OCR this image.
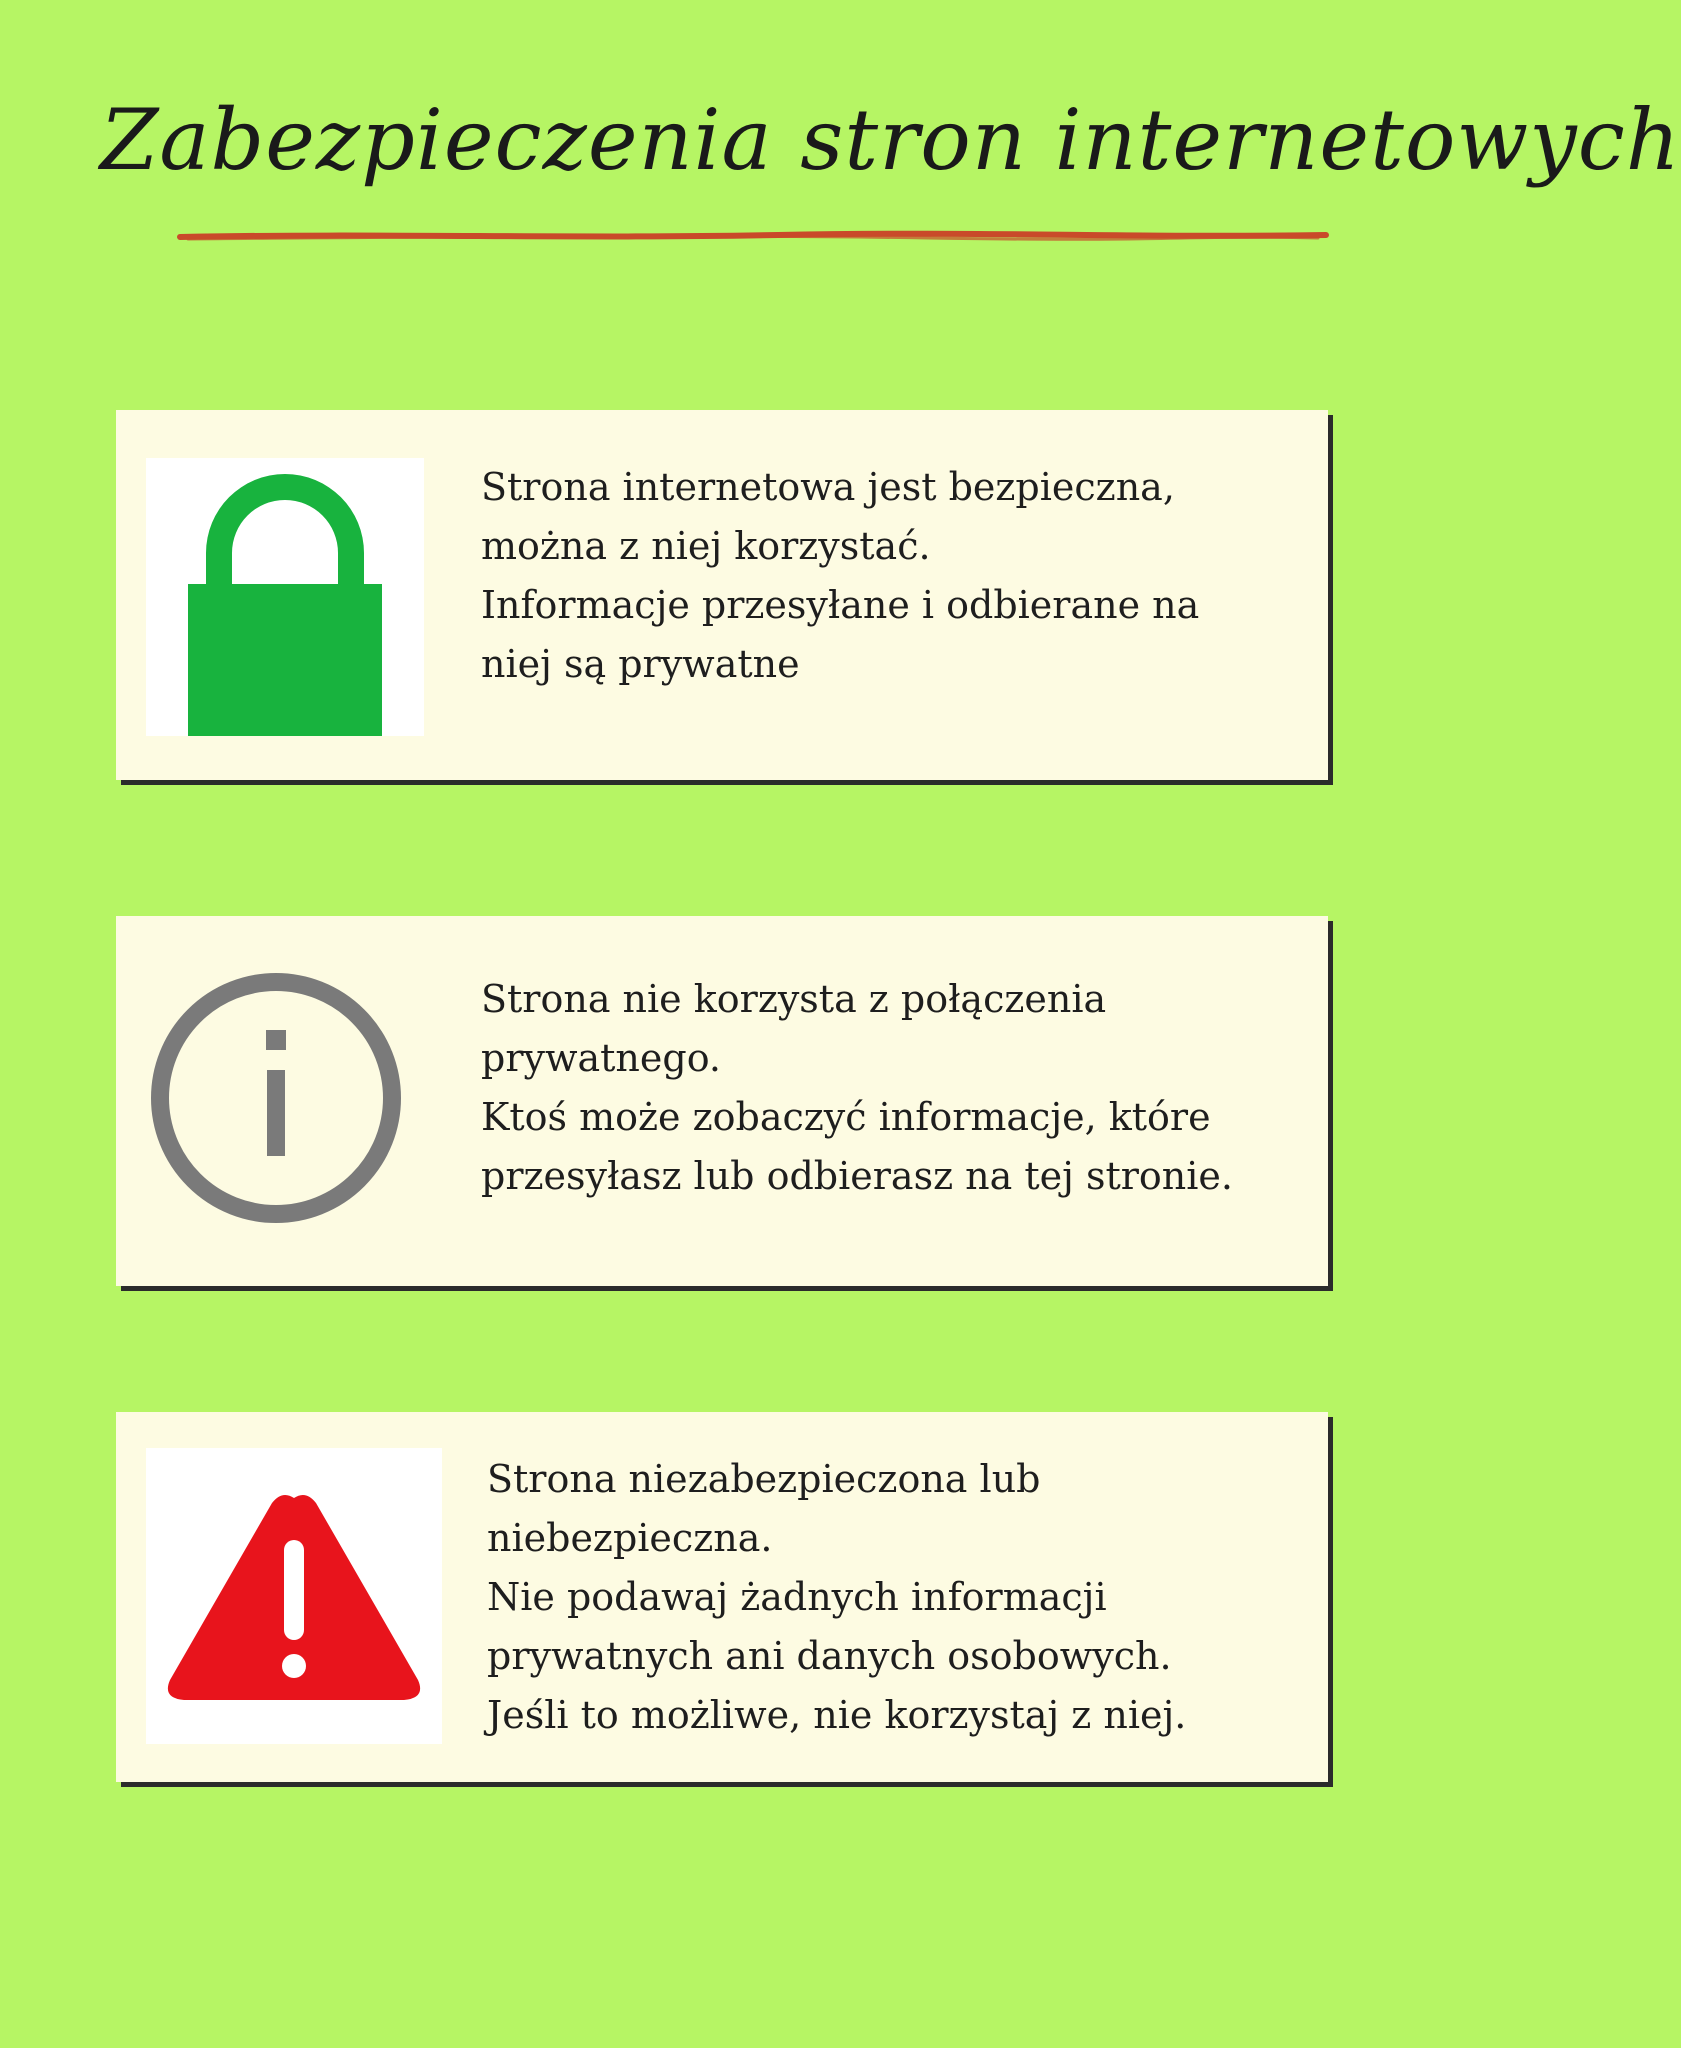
Zabezpieczenia stron internetowych
Strona internetowa jest bezpieczna,
można z niej korzystać.
Informacje przesyłane i odbierane na
niej są prywatne
Strona nie korzysta z połączenia
prywatnego.
Ktoś może zobaczyć informacje, które
przesyłasz lub odbierasz na tej stronie.
Strona niezabezpieczona lub
niebezpieczna.
Nie podawaj żadnych informacji
prywatnych ani danych osobowych.
Jeśli to możliwe, nie korzystaj z niej.
